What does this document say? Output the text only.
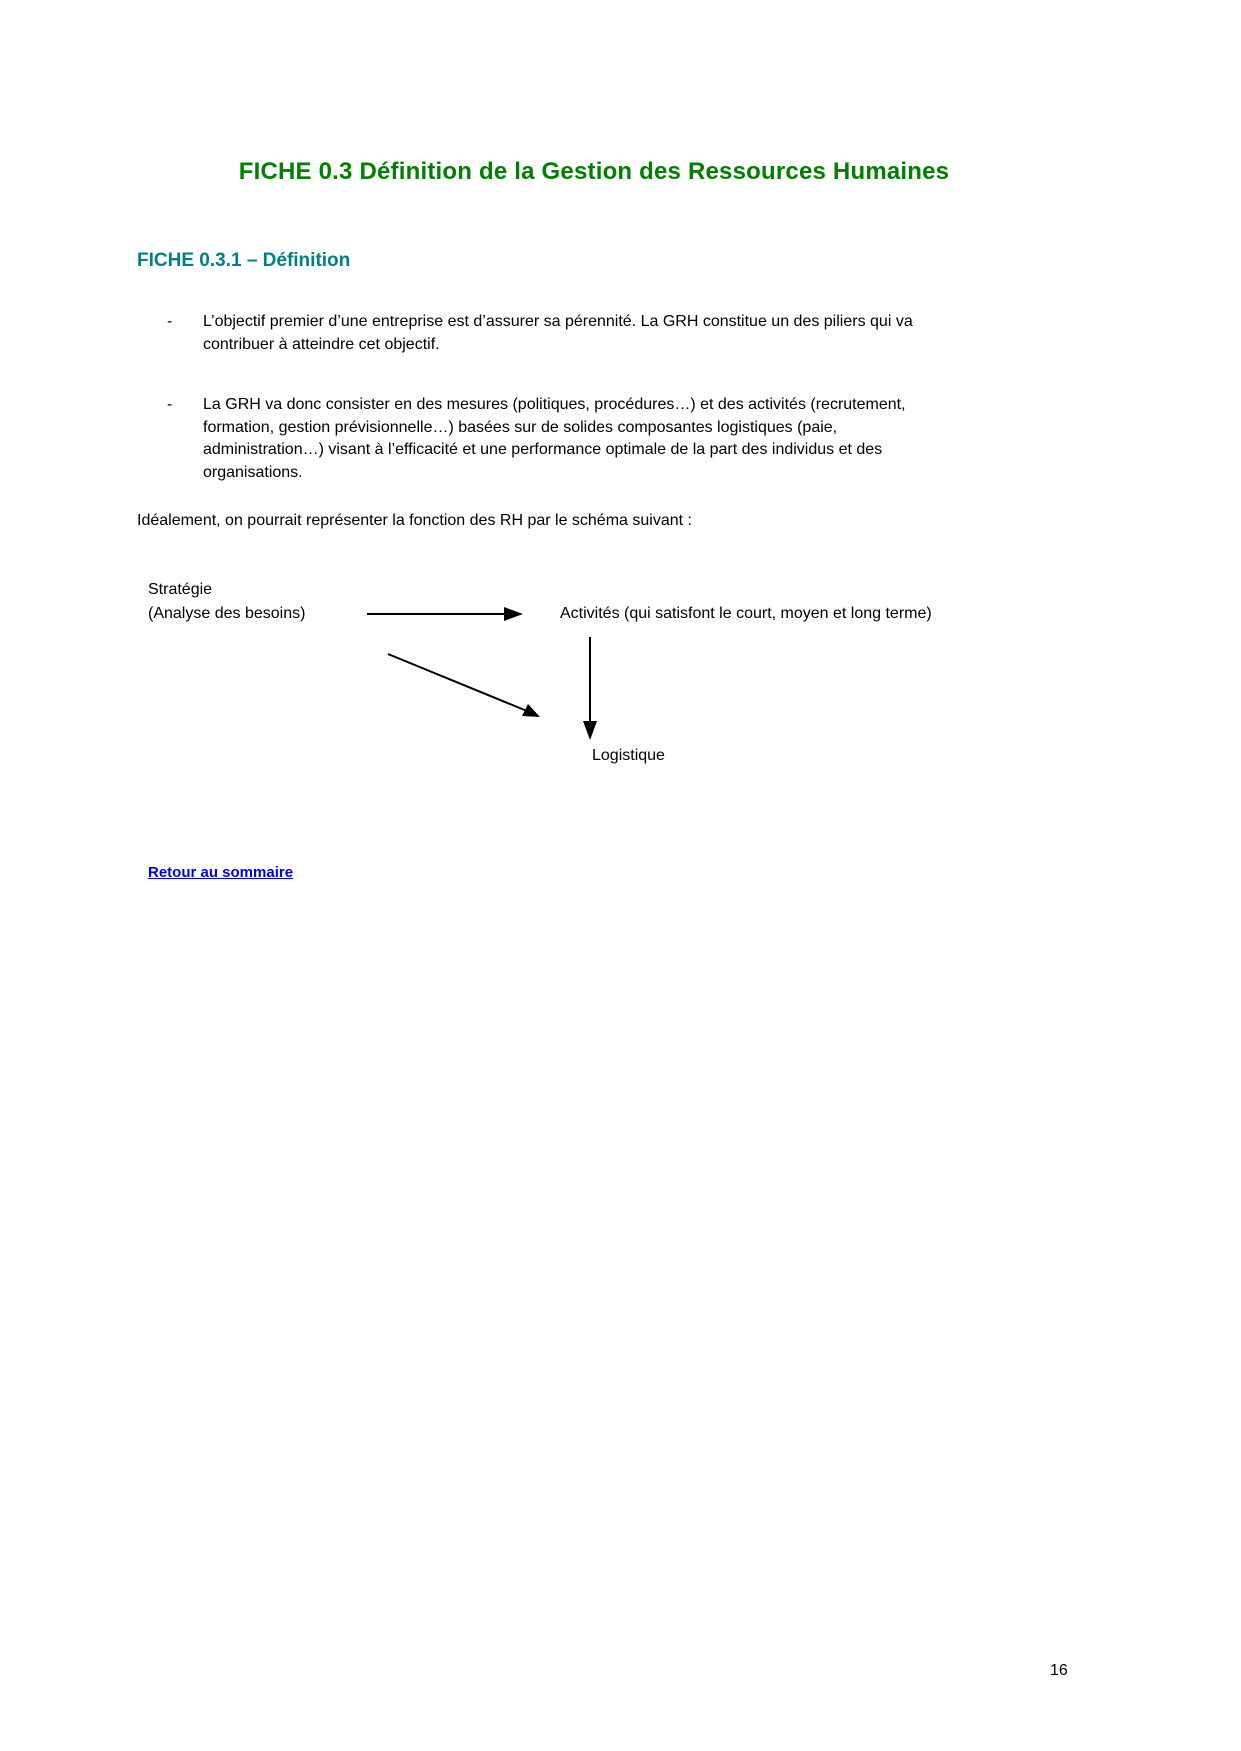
FICHE 0.3 Définition de la Gestion des Ressources Humaines
FICHE 0.3.1 – Définition
-	L’objectif premier d’une entreprise est d’assurer sa pérennité. La GRH constitue un des piliers qui va
contribuer à atteindre cet objectif.
-	La GRH va donc consister en des mesures (politiques, procédures…) et des activités (recrutement,
formation, gestion prévisionnelle…) basées sur de solides composantes logistiques (paie,
administration…) visant à l’efficacité et une performance optimale de la part des individus et des
organisations.

Idéalement, on pourrait représenter la fonction des RH par le schéma suivant :

Stratégie
(Analyse des besoins)	Activités (qui satisfont le court, moyen et long terme)
Logistique
Retour au sommaire
16
